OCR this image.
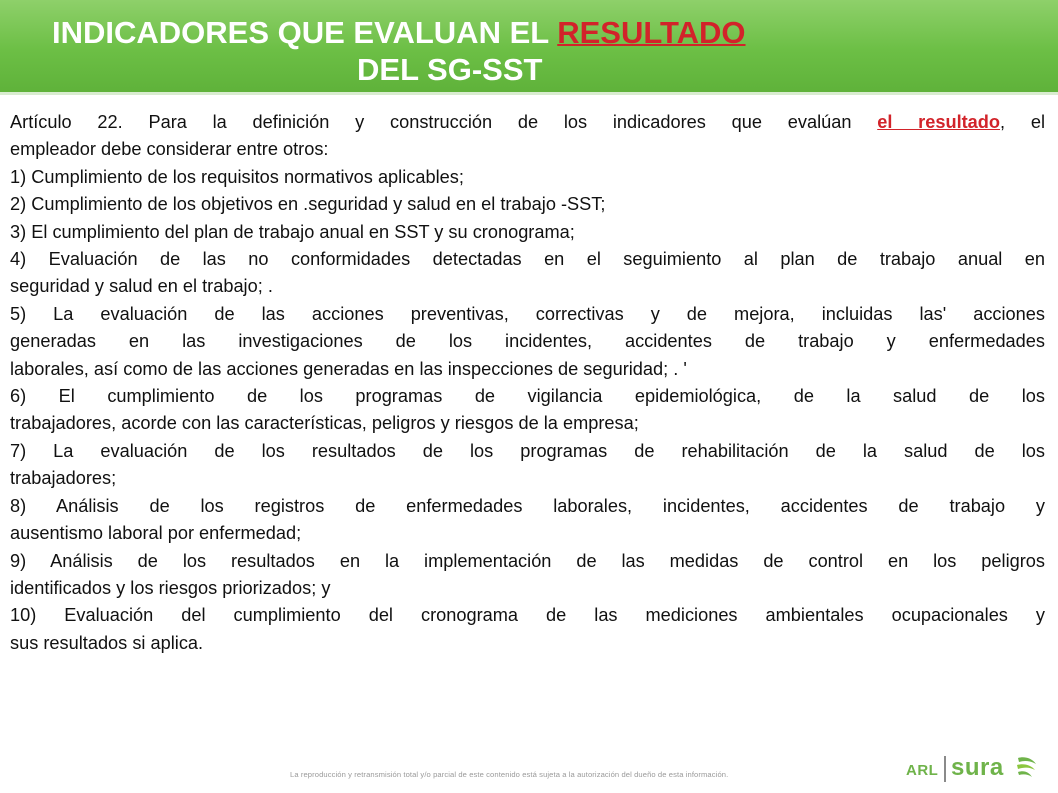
INDICADORES QUE EVALUAN EL RESULTADO
DEL SG-SST
Artículo 22. Para la definición y construcción de los indicadores que evalúan el resultado, el
empleador debe considerar entre otros:
1) Cumplimiento de los requisitos normativos aplicables;
2) Cumplimiento de los objetivos en .seguridad y salud en el trabajo -SST;
3) El cumplimiento del plan de trabajo anual en SST y su cronograma;
4) Evaluación de las no conformidades detectadas en el seguimiento al plan de trabajo anual en
seguridad y salud en el trabajo; .
5) La evaluación de las acciones preventivas, correctivas y de mejora, incluidas las' acciones
generadas en las investigaciones de los incidentes, accidentes de trabajo y enfermedades
laborales, así como de las acciones generadas en las inspecciones de seguridad; . '
6) El cumplimiento de los programas de vigilancia epidemiológica, de la salud de los
trabajadores, acorde con las características, peligros y riesgos de la empresa;
7) La evaluación de los resultados de los programas de rehabilitación de la salud de los
trabajadores;
8) Análisis de los registros de enfermedades laborales, incidentes, accidentes de trabajo y
ausentismo laboral por enfermedad;
9) Análisis de los resultados en la implementación de las medidas de control en los peligros
identificados y los riesgos priorizados; y
10) Evaluación del cumplimiento del cronograma de las mediciones ambientales ocupacionales y
sus resultados si aplica.
La reproducción y retransmisión total y/o parcial de este contenido está sujeta a la autorización del dueño de esta información.	ARL sura
